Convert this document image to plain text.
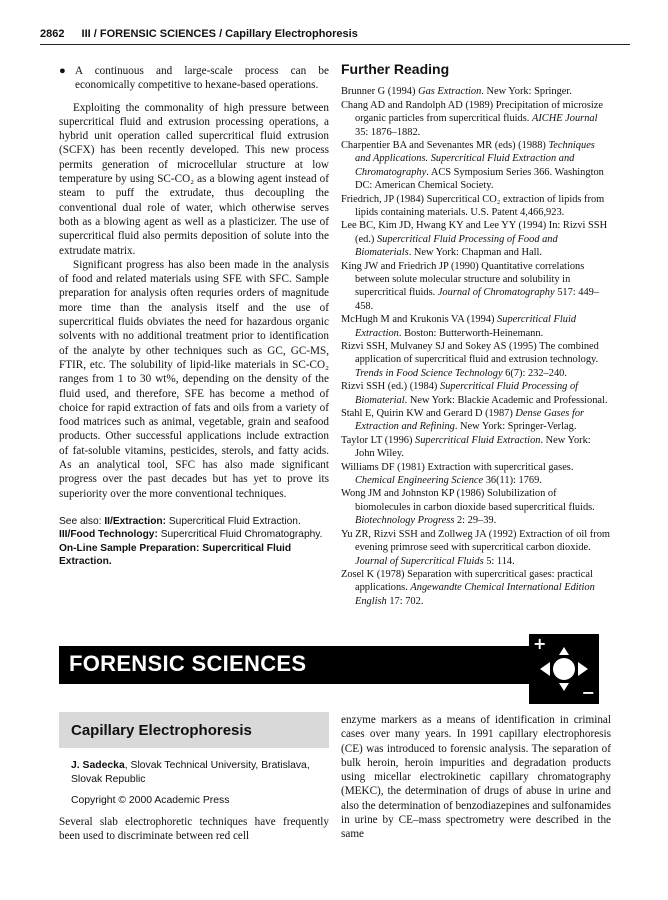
2862 III / FORENSIC SCIENCES / Capillary Electrophoresis
● A continuous and large-scale process can be economically competitive to hexane-based operations.

Exploiting the commonality of high pressure between supercritical fluid and extrusion processing operations, a hybrid unit operation called supercritical fluid extrusion (SCFX) has been recently developed. This new process permits generation of microcellular structure at low temperature by using SC-CO₂ as a blowing agent instead of steam to puff the extrudate, thus decoupling the conventional dual role of water, which otherwise serves both as a blowing agent as well as a plasticizer. The use of supercritical fluid also permits deposition of solute into the extrudate matrix.

Significant progress has also been made in the analysis of food and related materials using SFE with SFC. Sample preparation for analysis often requries orders of magnitude more time than the analysis itself and the use of supercritical fluids obviates the need for hazardous organic solvents with no additional treatment prior to identification of the analyte by other techniques such as GC, GC-MS, FTIR, etc. The solubility of lipid-like materials in SC-CO₂ ranges from 1 to 30 wt%, depending on the density of the fluid used, and therefore, SFE has become a method of choice for rapid extraction of fats and oils from a variety of food matrices such as animal, vegetable, grain and seafood products. Other successful applications include extraction of fat-soluble vitamins, pesticides, sterols, and fatty acids. As an analytical tool, SFC has also made significant progress over the past decades but has yet to prove its superiority over the more conventional techniques.

See also: II/Extraction: Supercritical Fluid Extraction. III/Food Technology: Supercritical Fluid Chromatography. On-Line Sample Preparation: Supercritical Fluid Extraction.
Further Reading

Brunner G (1994) Gas Extraction. New York: Springer.

Chang AD and Randolph AD (1989) Precipitation of microsize organic particles from supercritical fluids. AICHE Journal 35: 1876–1882.

Charpentier BA and Sevenantes MR (eds) (1988) Techniques and Applications. Supercritical Fluid Extraction and Chromatography. ACS Symposium Series 366. Washington DC: American Chemical Society.

Friedrich, JP (1984) Supercritical CO₂ extraction of lipids from lipids containing materials. U.S. Patent 4,466,923.

Lee BC, Kim JD, Hwang KY and Lee YY (1994) In: Rizvi SSH (ed.) Supercritical Fluid Processing of Food and Biomaterials. New York: Chapman and Hall.

King JW and Friedrich JP (1990) Quantitative correlations between solute molecular structure and solubility in supercritical fluids. Journal of Chromatography 517: 449–458.

McHugh M and Krukonis VA (1994) Supercritical Fluid Extraction. Boston: Butterworth-Heinemann.

Rizvi SSH, Mulvaney SJ and Sokey AS (1995) The combined application of supercritical fluid and extrusion technology. Trends in Food Science Technology 6(7): 232–240.

Rizvi SSH (ed.) (1984) Supercritical Fluid Processing of Biomaterial. New York: Blackie Academic and Professional.

Stahl E, Quirin KW and Gerard D (1987) Dense Gases for Extraction and Refining. New York: Springer-Verlag.

Taylor LT (1996) Supercritical Fluid Extraction. New York: John Wiley.

Williams DF (1981) Extraction with supercritical gases. Chemical Engineering Science 36(11): 1769.

Wong JM and Johnston KP (1986) Solubilization of biomolecules in carbon dioxide based supercritical fluids. Biotechnology Progress 2: 29–39.

Yu ZR, Rizvi SSH and Zollweg JA (1992) Extraction of oil from evening primrose seed with supercritical carbon dioxide. Journal of Supercritical Fluids 5: 114.

Zosel K (1978) Separation with supercritical gases: practical applications. Angewandte Chemical International Edition English 17: 702.

FORENSIC SCIENCES
+
−
Capillary Electrophoresis
J. Sadecka, Slovak Technical University, Bratislava, Slovak Republic
Copyright © 2000 Academic Press

Several slab electrophoretic techniques have frequently been used to discriminate between red cell

enzyme markers as a means of identification in criminal cases over many years. In 1991 capillary electrophoresis (CE) was introduced to forensic analysis. The separation of bulk heroin, heroin impurities and degradation products using micellar electrokinetic capillary chromatography (MEKC), the determination of drugs of abuse in urine and also the determination of benzodiazepines and sulfonamides in urine by CE–mass spectrometry were described in the same
